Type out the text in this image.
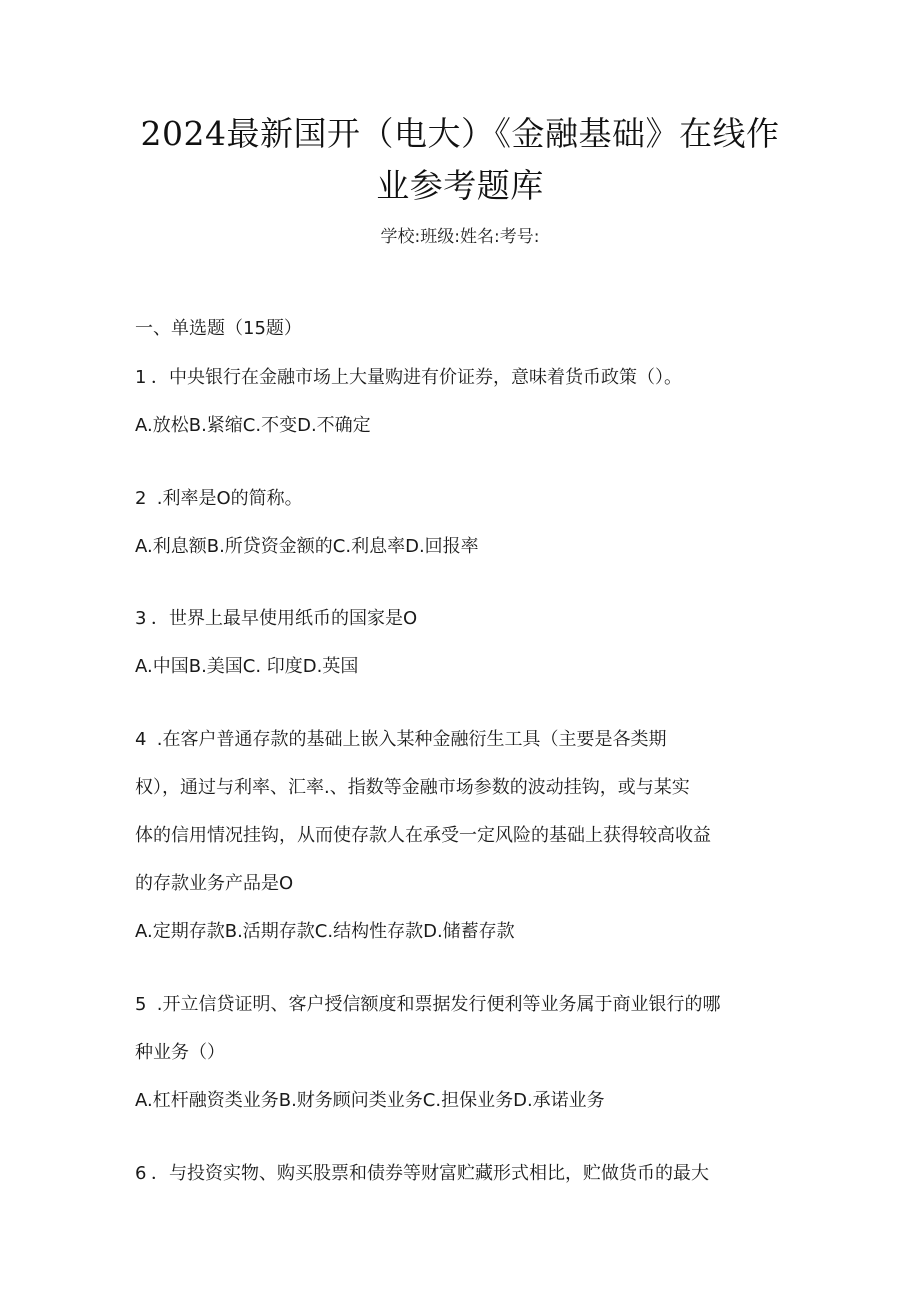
2024最新国开（电大）《金融基础》在线作
业参考题库
学校:班级:姓名:考号:
一、单选题（15题）
1 ．中央银行在金融市场上大量购进有价证券，意味着货币政策（）。
A.放松B.紧缩C.不变D.不确定
2 .利率是O的简称。
A.利息额B.所贷资金额的C.利息率D.回报率
3 ．世界上最早使用纸币的国家是O
A.中国B.美国C. 印度D.英国
4 .在客户普通存款的基础上嵌入某种金融衍生工具（主要是各类期
权），通过与利率、汇率.、指数等金融市场参数的波动挂钩，或与某实
体的信用情况挂钩，从而使存款人在承受一定风险的基础上获得较高收益
的存款业务产品是O
A.定期存款B.活期存款C.结构性存款D.储蓄存款
5 .开立信贷证明、客户授信额度和票据发行便利等业务属于商业银行的哪
种业务（）
A.杠杆融资类业务B.财务顾问类业务C.担保业务D.承诺业务
6 ．与投资实物、购买股票和债券等财富贮藏形式相比，贮做货币的最大
